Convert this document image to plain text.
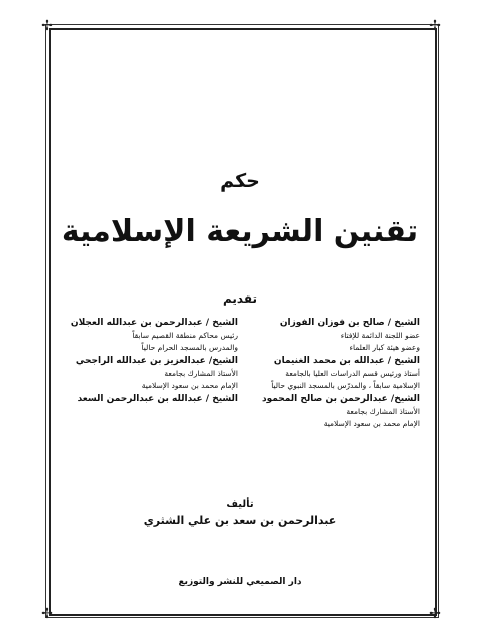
✢	✢
✢	✢
حكم
تقنين الشريعة الإسلامية
تقديم
الشيخ / صالح بن فوزان الفوزان
عضو اللجنة الدائمة للإفتاء
وعضو هيئة كبار العلماء
الشيخ / عبدالله بن محمد الغنيمان
أستاذ ورئيس قسم الدراسات العليا بالجامعة
الإسلامية سابقاً ، والمدرّس بالمسجد النبوي حالياً
الشيخ/ عبدالرحمن بن صالح المحمود
الأستاذ المشارك بجامعة
الإمام محمد بن سعود الإسلامية
الشيخ / عبدالرحمن بن عبدالله العجلان
رئيس محاكم منطقة القصيم سابقاً
والمدرس بالمسجد الحرام حالياً
الشيخ/ عبدالعزيز بن عبدالله الراجحي
الأستاذ المشارك بجامعة
الإمام محمد بن سعود الإسلامية
الشيخ / عبدالله بن عبدالرحمن السعد
تأليف
عبدالرحمن بن سعد بن علي الشثري
دار الصميعي للنشر والتوزيع
